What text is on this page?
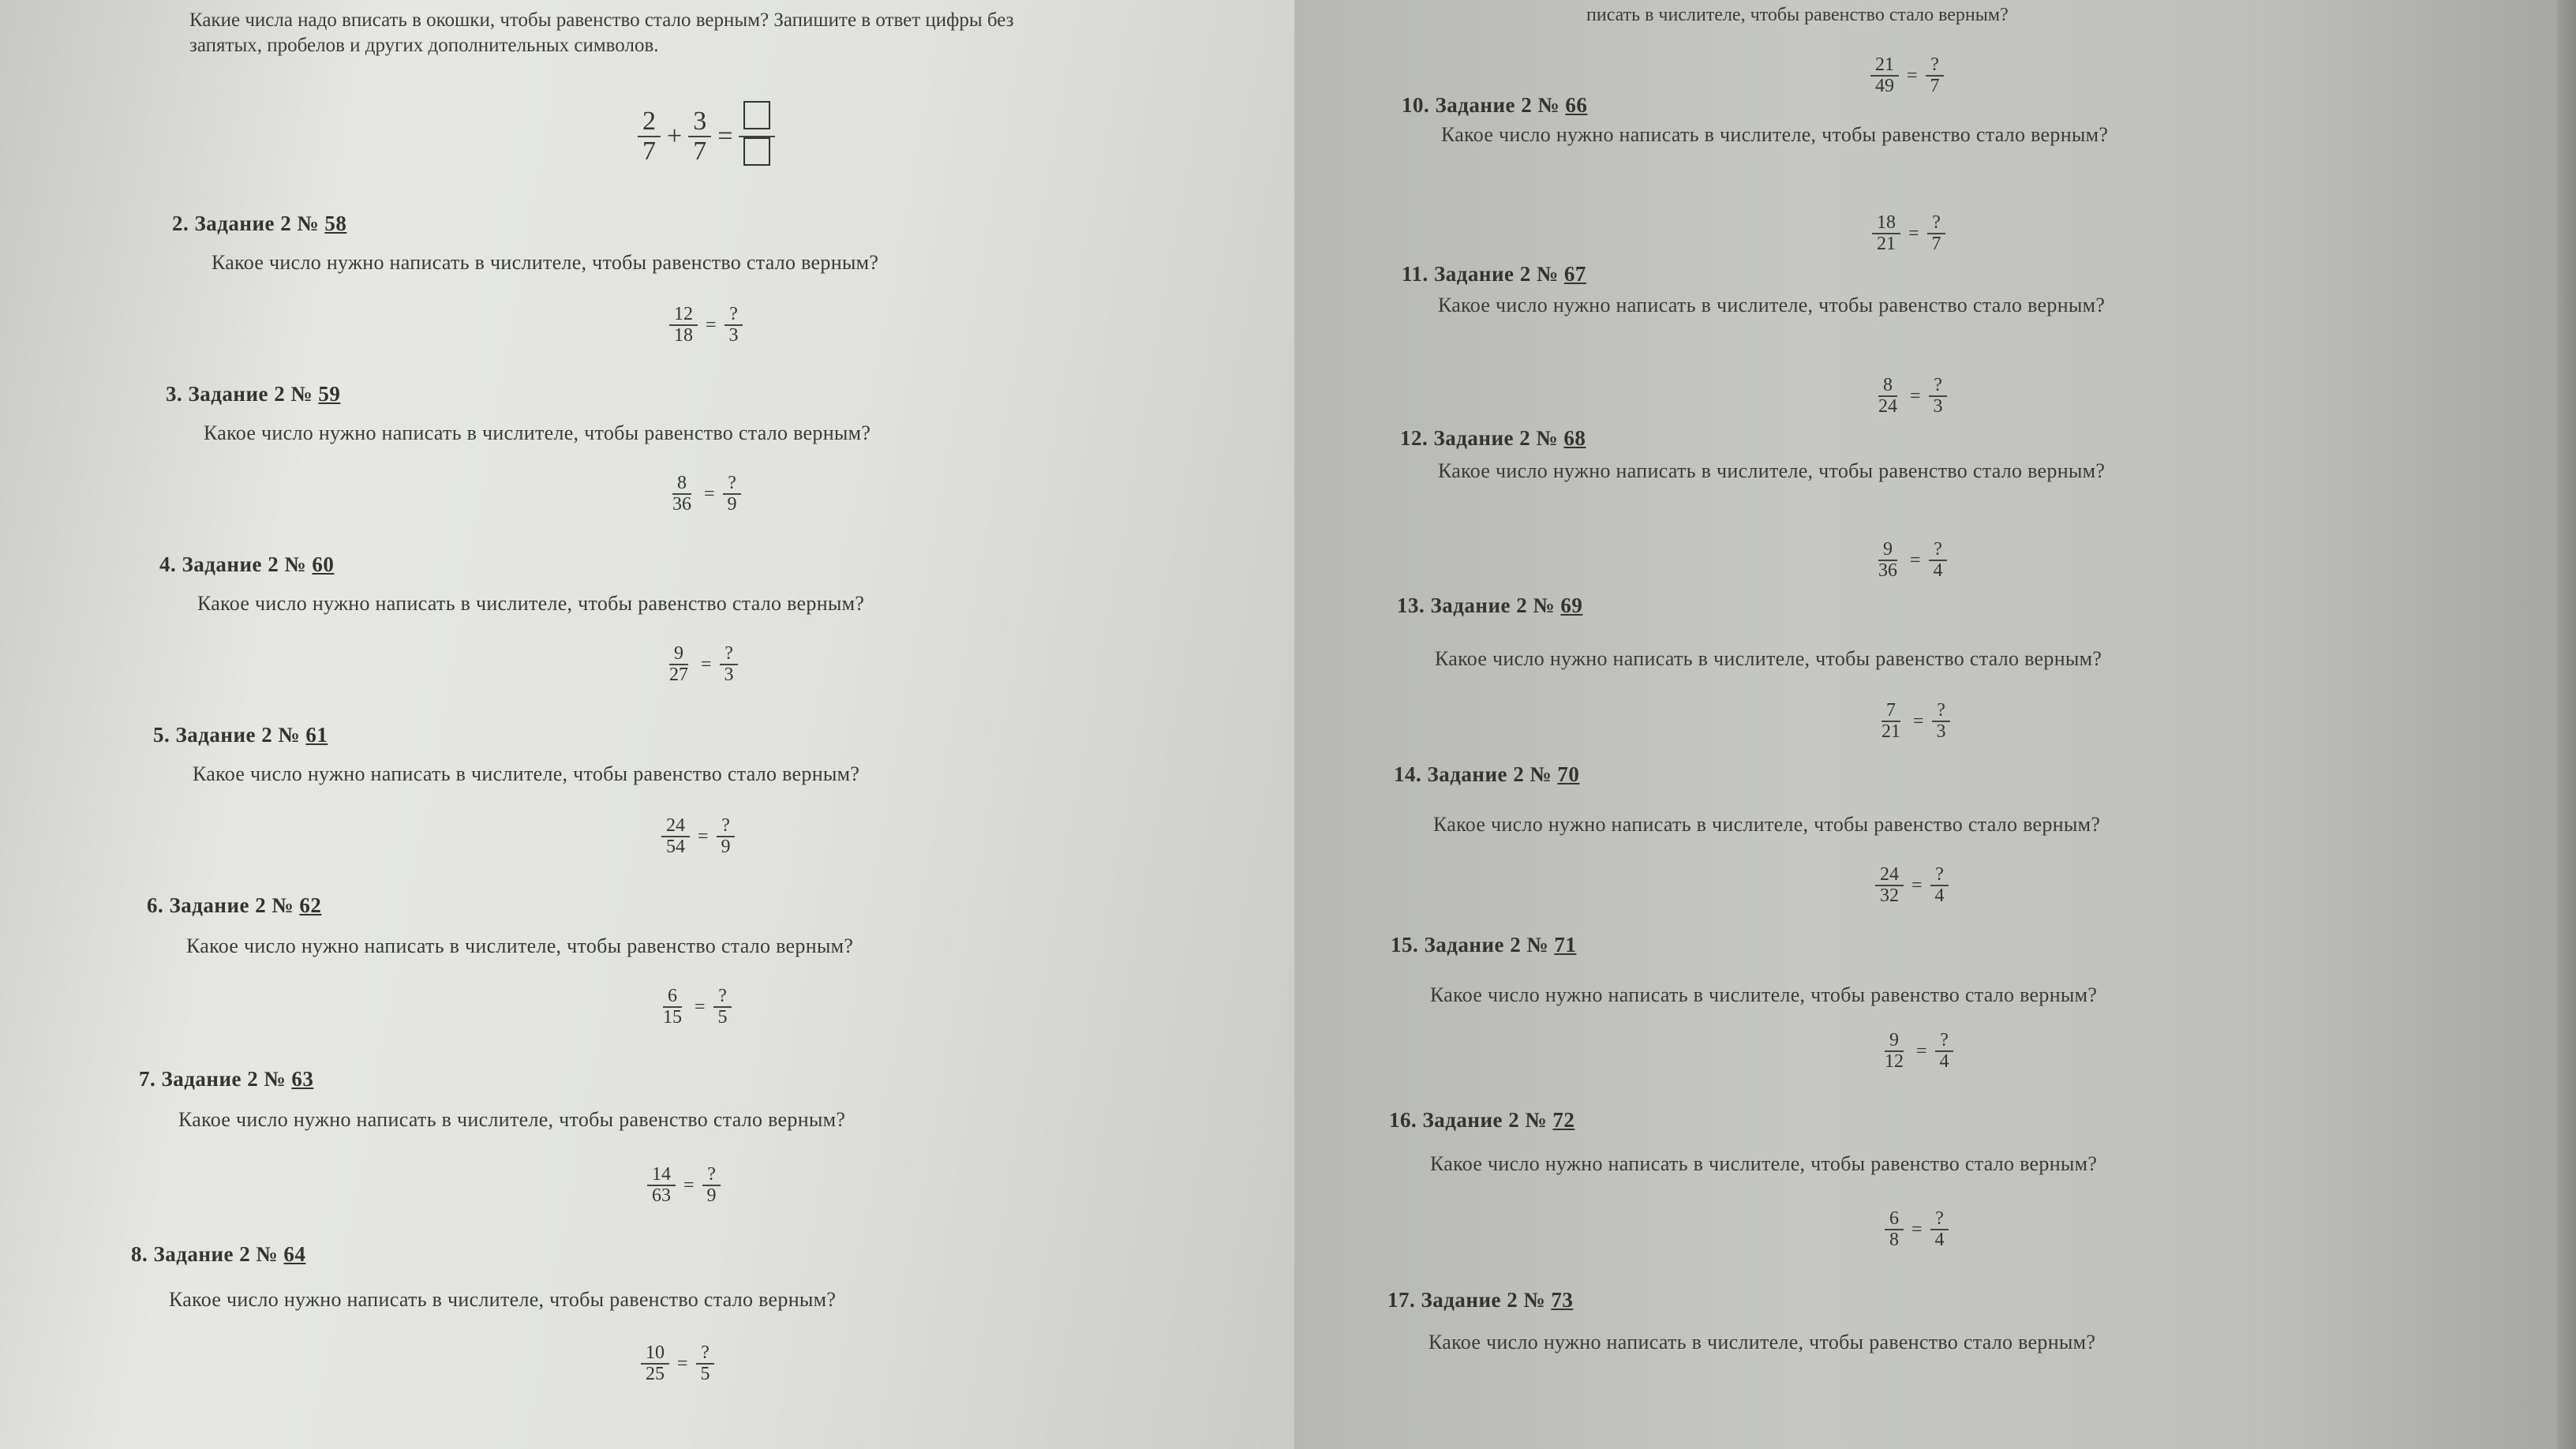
Какие числа надо вписать в окошки, чтобы равенство стало верным? Запишите в ответ цифры без
запятых, пробелов и других дополнительных символов.
$\frac{2}{7} + \frac{3}{7}$ =
писать в числителе, чтобы равенство стало верным?
$\frac{21}{49} = \frac{?}{7}$
2. Задание 2 № 58
Какое число нужно написать в числителе, чтобы равенство стало верным?
$\frac{12}{18} = \frac{?}{3}$
3. Задание 2 № 59
Какое число нужно написать в числителе, чтобы равенство стало верным?
$\frac{8}{36} = \frac{?}{9}$
4. Задание 2 № 60
Какое число нужно написать в числителе, чтобы равенство стало верным?
$\frac{9}{27} = \frac{?}{3}$
5. Задание 2 № 61
Какое число нужно написать в числителе, чтобы равенство стало верным?
$\frac{24}{54} = \frac{?}{9}$
6. Задание 2 № 62
Какое число нужно написать в числителе, чтобы равенство стало верным?
$\frac{6}{15} = \frac{?}{5}$
7. Задание 2 № 63
Какое число нужно написать в числителе, чтобы равенство стало верным?
$\frac{14}{63} = \frac{?}{9}$
8. Задание 2 № 64
Какое число нужно написать в числителе, чтобы равенство стало верным?
$\frac{10}{25} = \frac{?}{5}$
10. Задание 2 № 66
Какое число нужно написать в числителе, чтобы равенство стало верным?
$\frac{18}{21} = \frac{?}{7}$
11. Задание 2 № 67
Какое число нужно написать в числителе, чтобы равенство стало верным?
$\frac{8}{24} = \frac{?}{3}$
12. Задание 2 № 68
Какое число нужно написать в числителе, чтобы равенство стало верным?
$\frac{9}{36} = \frac{?}{4}$
13. Задание 2 № 69
Какое число нужно написать в числителе, чтобы равенство стало верным?
$\frac{7}{21} = \frac{?}{3}$
14. Задание 2 № 70
Какое число нужно написать в числителе, чтобы равенство стало верным?
$\frac{24}{32} = \frac{?}{4}$
15. Задание 2 № 71
Какое число нужно написать в числителе, чтобы равенство стало верным?
$\frac{9}{12} = \frac{?}{4}$
16. Задание 2 № 72
Какое число нужно написать в числителе, чтобы равенство стало верным?
$\frac{6}{8} = \frac{?}{4}$
17. Задание 2 № 73
Какое число нужно написать в числителе, чтобы равенство стало верным?
